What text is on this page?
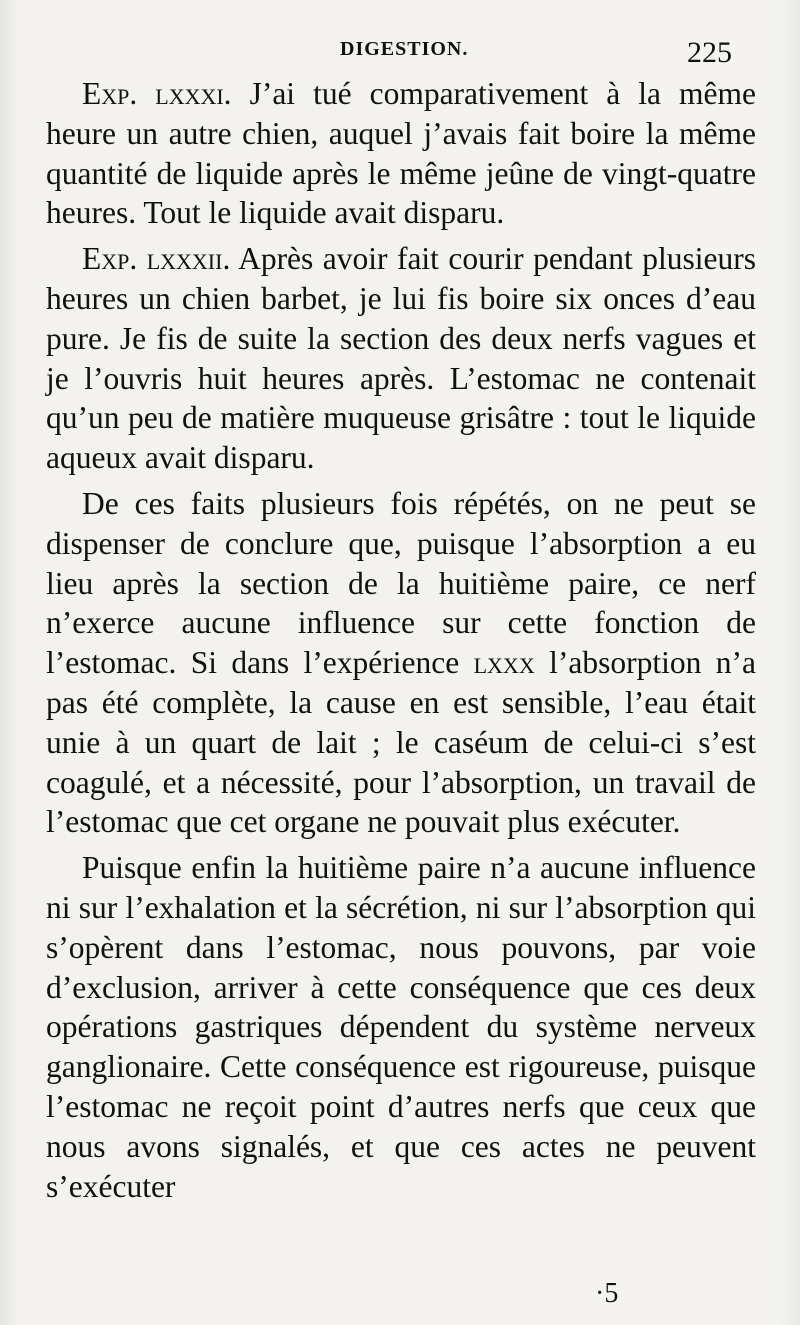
DIGESTION.	225

Exp. lxxxi. J’ai tué comparativement à la même heure un autre chien, auquel j’avais fait boire la même quantité de liquide après le même jeûne de vingt-quatre heures. Tout le liquide avait disparu.

Exp. lxxxii. Après avoir fait courir pendant plusieurs heures un chien barbet, je lui fis boire six onces d’eau pure. Je fis de suite la section des deux nerfs vagues et je l’ouvris huit heures après. L’estomac ne contenait qu’un peu de matière muqueuse grisâtre : tout le liquide aqueux avait disparu.

De ces faits plusieurs fois répétés, on ne peut se dispenser de conclure que, puisque l’absorption a eu lieu après la section de la huitième paire, ce nerf n’exerce aucune influence sur cette fonction de l’estomac. Si dans l’expérience lxxx l’absorption n’a pas été complète, la cause en est sensible, l’eau était unie à un quart de lait ; le caséum de celui-ci s’est coagulé, et a nécessité, pour l’absorption, un travail de l’estomac que cet organe ne pouvait plus exécuter.

Puisque enfin la huitième paire n’a aucune influence ni sur l’exhalation et la sécrétion, ni sur l’absorption qui s’opèrent dans l’estomac, nous pouvons, par voie d’exclusion, arriver à cette conséquence que ces deux opérations gastriques dépendent du système nerveux ganglionaire. Cette conséquence est rigoureuse, puisque l’estomac ne reçoit point d’autres nerfs que ceux que nous avons signalés, et que ces actes ne peuvent s’exécuter

·5
